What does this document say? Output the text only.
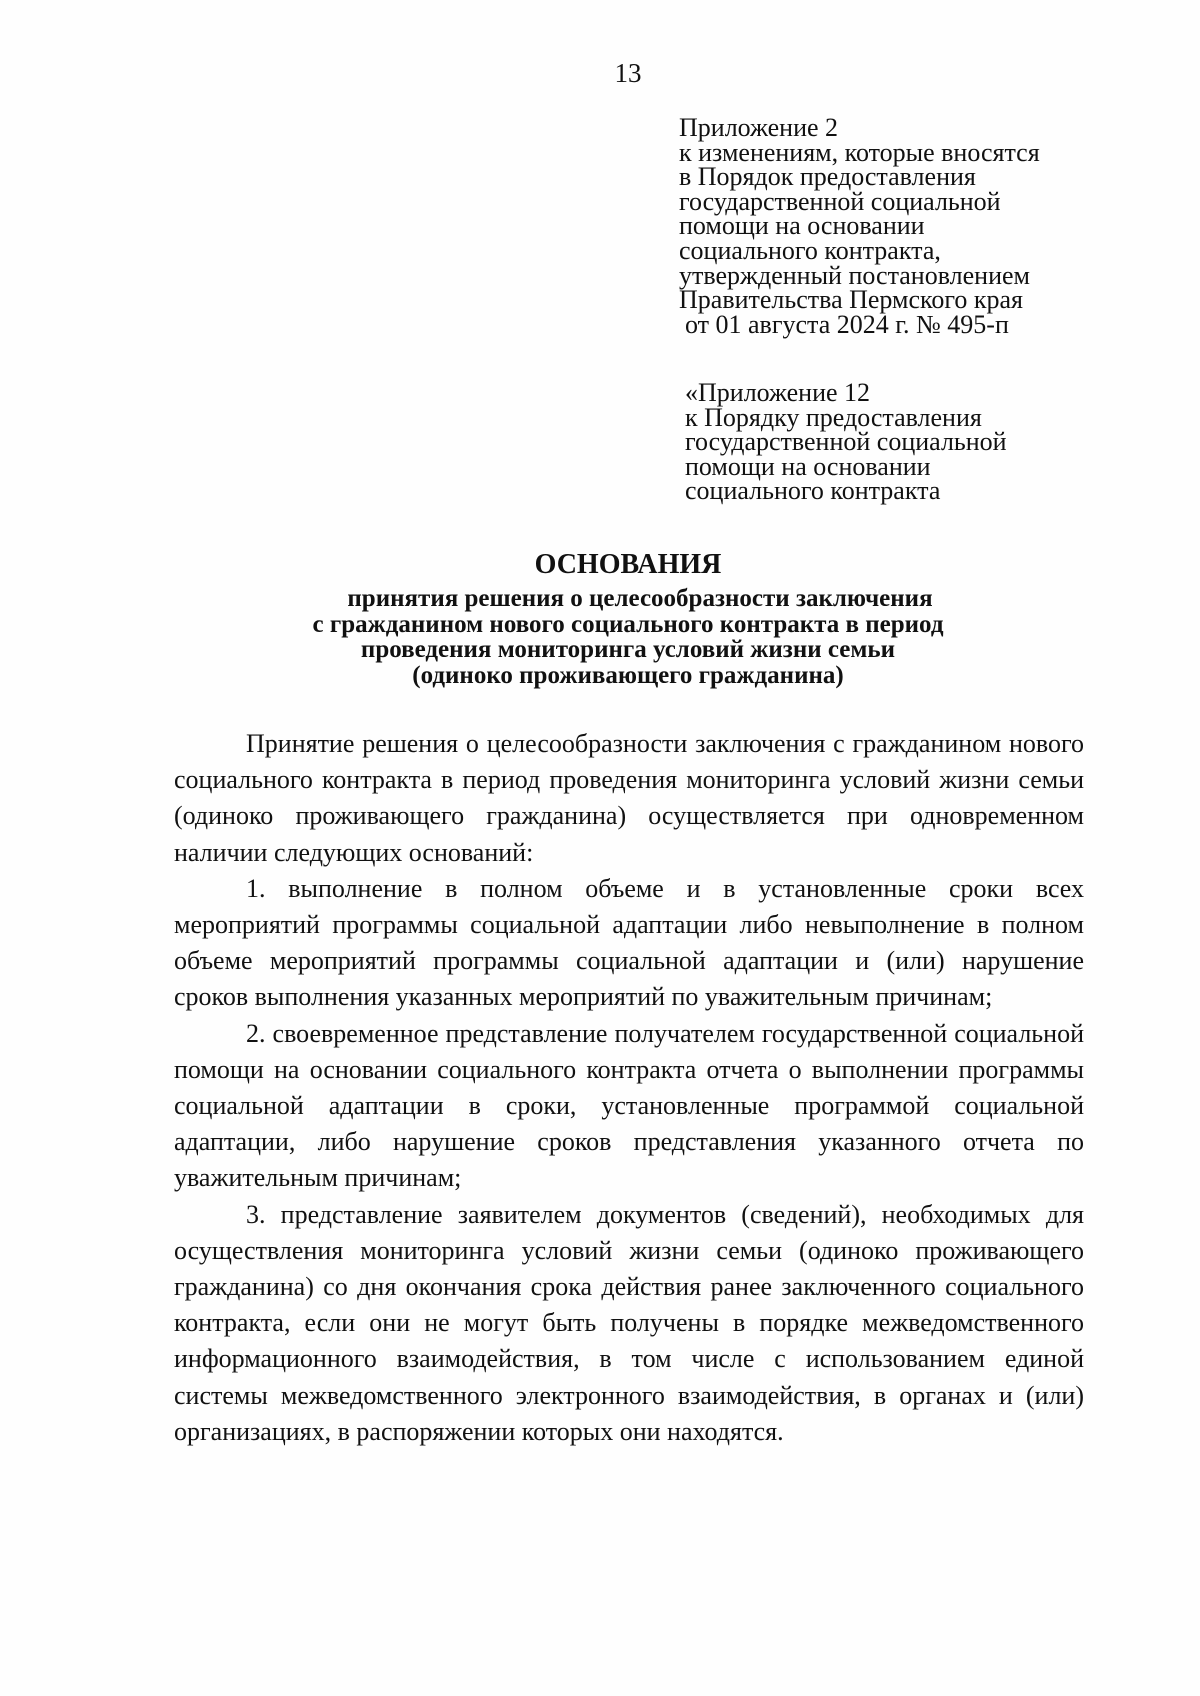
13
Приложение 2
к изменениям, которые вносятся
в Порядок предоставления
государственной социальной
помощи на основании
социального контракта,
утвержденный постановлением
Правительства Пермского края
от 01 августа 2024 г. № 495-п
«Приложение 12
к Порядку предоставления
государственной социальной
помощи на основании
социального контракта
ОСНОВАНИЯ
принятия решения о целесообразности заключения
с гражданином нового социального контракта в период
проведения мониторинга условий жизни семьи
(одиноко проживающего гражданина)

Принятие решения о целесообразности заключения с гражданином нового социального контракта в период проведения мониторинга условий жизни семьи (одиноко проживающего гражданина) осуществляется при одновременном наличии следующих оснований:

1. выполнение в полном объеме и в установленные сроки всех мероприятий программы социальной адаптации либо невыполнение в полном объеме мероприятий программы социальной адаптации и (или) нарушение сроков выполнения указанных мероприятий по уважительным причинам;

2. своевременное представление получателем государственной социальной помощи на основании социального контракта отчета о выполнении программы социальной адаптации в сроки, установленные программой социальной адаптации, либо нарушение сроков представления указанного отчета по уважительным причинам;

3. представление заявителем документов (сведений), необходимых для осуществления мониторинга условий жизни семьи (одиноко проживающего гражданина) со дня окончания срока действия ранее заключенного социального контракта, если они не могут быть получены в порядке межведомственного информационного взаимодействия, в том числе с использованием единой системы межведомственного электронного взаимодействия, в органах и (или) организациях, в распоряжении которых они находятся.
